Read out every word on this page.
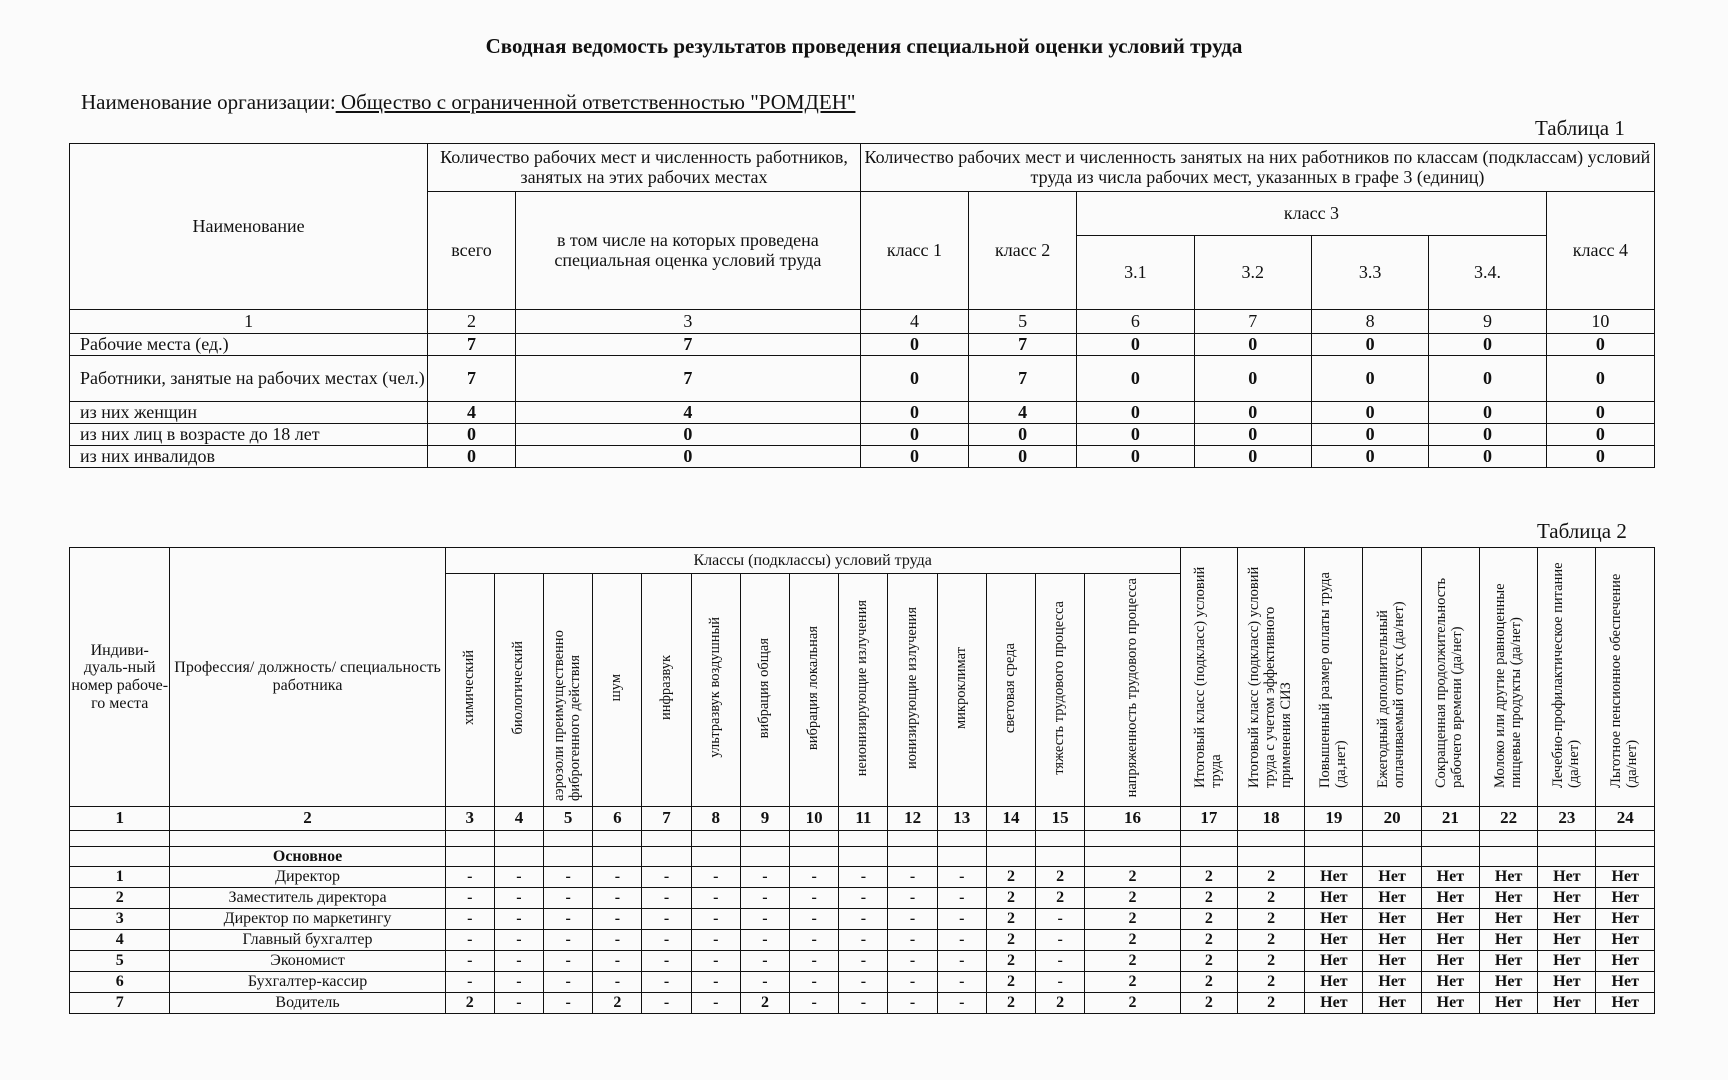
Сводная ведомость результатов проведения специальной оценки условий труда
Наименование организации: Общество с ограниченной ответственностью "РОМДЕН"
Таблица 1
Наименование	Количество рабочих мест и численность работников, занятых на этих рабочих местах		Количество рабочих мест и численность занятых на них работников по классам (подклассам) условий труда из числа рабочих мест, указанных в графе 3 (единиц)						
	всего	в том числе на которых проведена специальная оценка условий труда	класс 1	класс 2	класс 3				класс 4
					3.1	3.2	3.3	3.4.	
1	2	3	4	5	6	7	8	9	10
Рабочие места (ед.)	7	7	0	7	0	0	0	0	0
Работники, занятые на рабочих местах (чел.)	7	7	0	7	0	0	0	0	0
из них женщин	4	4	0	4	0	0	0	0	0
из них лиц в возрасте до 18 лет	0	0	0	0	0	0	0	0	0
из них инвалидов	0	0	0	0	0	0	0	0	0
Таблица 2
Индиви-дуаль-ный номер рабоче-го места	Профессия/ должность/ специальность работника	Классы (подклассы) условий труда														Итоговый класс (подкласс) условий труда	Итоговый класс (подкласс) условий труда с учетом эффективного применения СИЗ	Повышенный размер оплаты труда (да,нет)	Ежегодный дополнительный оплачиваемый отпуск (да/нет)	Сокращенная продолжительность рабочего времени (да/нет)	Молоко или другие равноценные пищевые продукты (да/нет)	Лечебно-профилактическое питание (да/нет)	Льготное пенсионное обеспечение (да/нет)
		химический	биологический	аэрозоли преимущественно фиброгенного действия	шум	инфразвук	ультразвук воздушный	вибрация общая	вибрация локальная	неионизирующие излучения	ионизирующие излучения	микроклимат	световая среда	тяжесть трудового процесса	напряженность трудового процесса								
1	2	3	4	5	6	7	8	9	10	11	12	13	14	15	16	17	18	19	20	21	22	23	24

	Основное																						
1	Директор	-	-	-	-	-	-	-	-	-	-	-	2	2	2	2	2	Нет	Нет	Нет	Нет	Нет	Нет
2	Заместитель директора	-	-	-	-	-	-	-	-	-	-	-	2	2	2	2	2	Нет	Нет	Нет	Нет	Нет	Нет
3	Директор по маркетингу	-	-	-	-	-	-	-	-	-	-	-	2	-	2	2	2	Нет	Нет	Нет	Нет	Нет	Нет
4	Главный бухгалтер	-	-	-	-	-	-	-	-	-	-	-	2	-	2	2	2	Нет	Нет	Нет	Нет	Нет	Нет
5	Экономист	-	-	-	-	-	-	-	-	-	-	-	2	-	2	2	2	Нет	Нет	Нет	Нет	Нет	Нет
6	Бухгалтер-кассир	-	-	-	-	-	-	-	-	-	-	-	2	-	2	2	2	Нет	Нет	Нет	Нет	Нет	Нет
7	Водитель	2	-	-	2	-	-	2	-	-	-	-	2	2	2	2	2	Нет	Нет	Нет	Нет	Нет	Нет
